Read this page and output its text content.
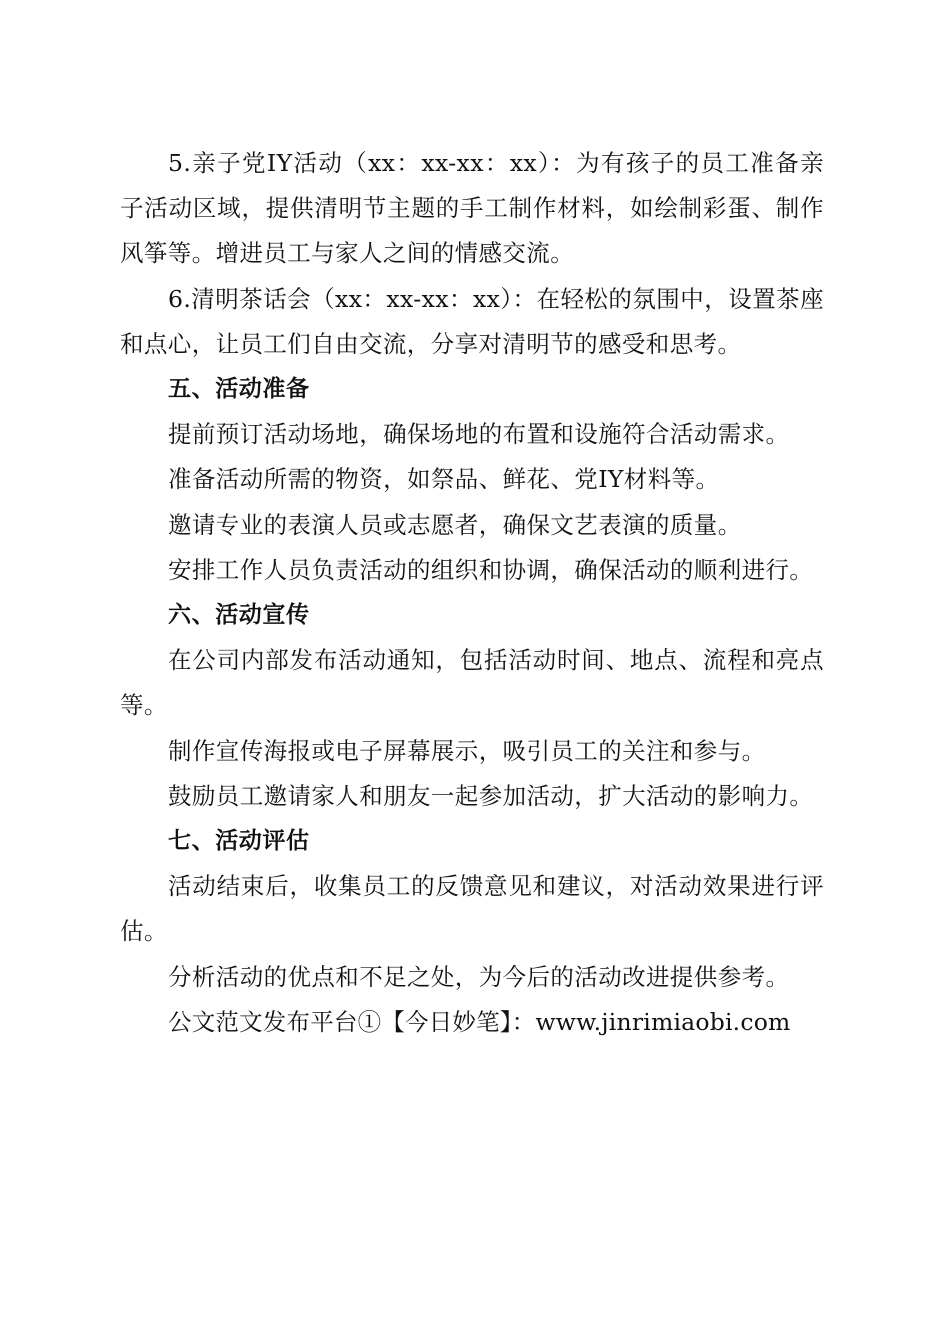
5.亲子党IY活动（xx：xx-xx：xx）：为有孩子的员工准备亲子活动区域，提供清明节主题的手工制作材料，如绘制彩蛋、制作风筝等。增进员工与家人之间的情感交流。

6.清明茶话会（xx：xx-xx：xx）：在轻松的氛围中，设置茶座和点心，让员工们自由交流，分享对清明节的感受和思考。

五、活动准备

提前预订活动场地，确保场地的布置和设施符合活动需求。

准备活动所需的物资，如祭品、鲜花、党IY材料等。

邀请专业的表演人员或志愿者，确保文艺表演的质量。

安排工作人员负责活动的组织和协调，确保活动的顺利进行。

六、活动宣传

在公司内部发布活动通知，包括活动时间、地点、流程和亮点等。

制作宣传海报或电子屏幕展示，吸引员工的关注和参与。

鼓励员工邀请家人和朋友一起参加活动，扩大活动的影响力。

七、活动评估

活动结束后，收集员工的反馈意见和建议，对活动效果进行评估。

分析活动的优点和不足之处，为今后的活动改进提供参考。

公文范文发布平台①【今日妙笔】：www.jinrimiaobi.com
